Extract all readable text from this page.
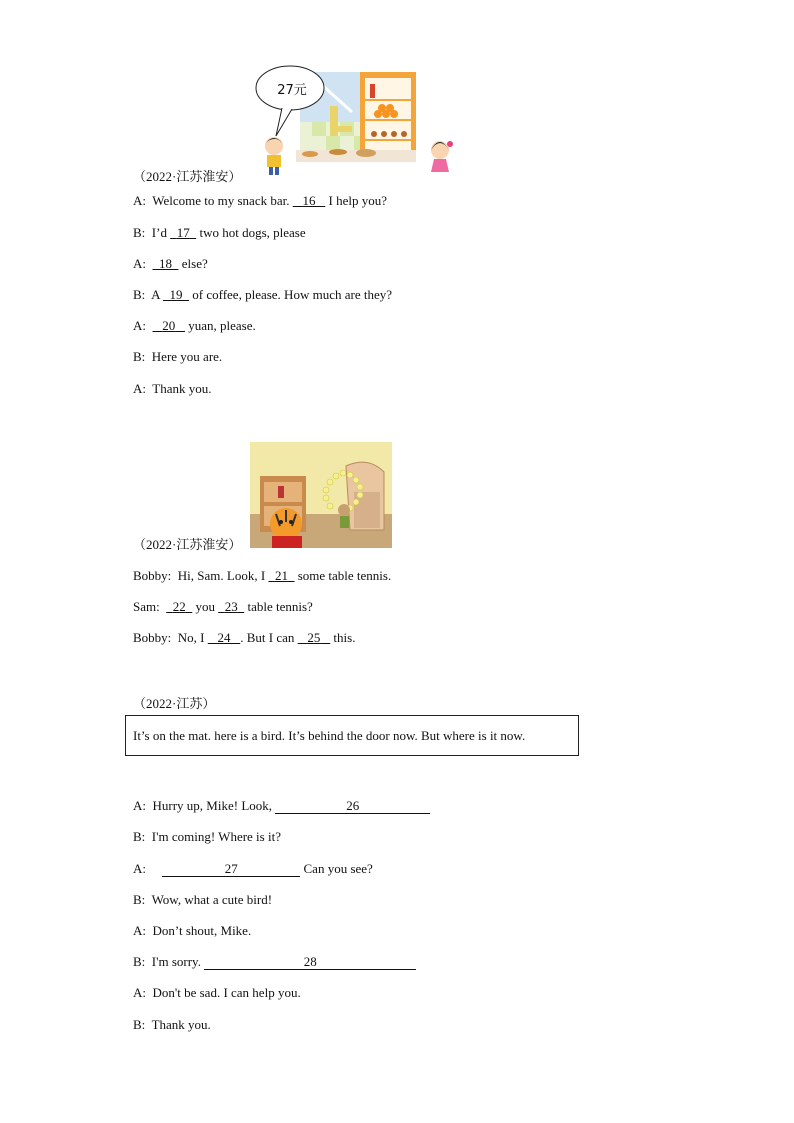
27元
（2022·江苏淮安）
A: Welcome to my snack bar.    16    I help you?
B: I’d   17   two hot dogs, please
A: 18   else?
B: A   19   of coffee, please. How much are they?
A: 20    yuan, please.
B: Here you are.
A: Thank you.
（2022·江苏淮安）
Bobby: Hi, Sam. Look, I   21   some table tennis.
Sam: 22   you   23   table tennis?
Bobby: No, I    24 . But I can    25    this.
（2022·江苏）
It’s on the mat. here is a bird. It’s behind the door now. But where is it now.
A: Hurry up, Mike! Look,	26
B: I'm coming! Where is it?
A:	27	Can you see?
B: Wow, what a cute bird!
A: Don’t shout, Mike.
B: I'm sorry.	28
A: Don't be sad. I can help you.
B: Thank you.
